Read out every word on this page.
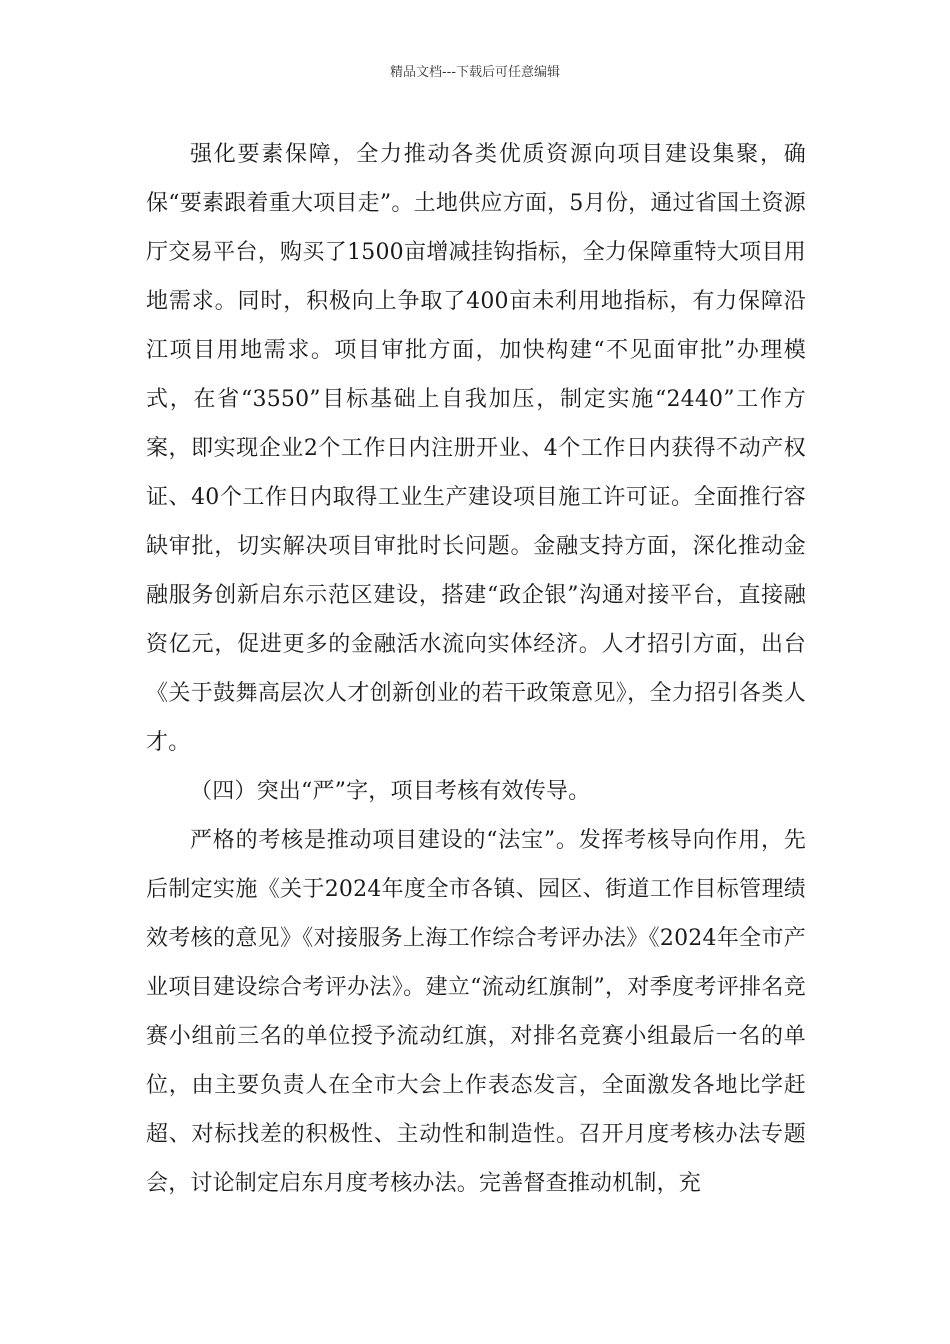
精品文档---下载后可任意编辑

强化要素保障，全力推动各类优质资源向项目建设集聚，确保“要素跟着重大项目走”。土地供应方面，5月份，通过省国土资源厅交易平台，购买了1500亩增减挂钩指标，全力保障重特大项目用地需求。同时，积极向上争取了400亩未利用地指标，有力保障沿江项目用地需求。项目审批方面，加快构建“不见面审批”办理模式，在省“3550”目标基础上自我加压，制定实施“2440”工作方案，即实现企业2个工作日内注册开业、4个工作日内获得不动产权证、40个工作日内取得工业生产建设项目施工许可证。全面推行容缺审批，切实解决项目审批时长问题。金融支持方面，深化推动金融服务创新启东示范区建设，搭建“政企银”沟通对接平台，直接融资亿元，促进更多的金融活水流向实体经济。人才招引方面，出台《关于鼓舞高层次人才创新创业的若干政策意见》，全力招引各类人才。

（四）突出“严”字，项目考核有效传导。

严格的考核是推动项目建设的“法宝”。发挥考核导向作用，先后制定实施《关于2024年度全市各镇、园区、街道工作目标管理绩效考核的意见》《对接服务上海工作综合考评办法》《2024年全市产业项目建设综合考评办法》。建立“流动红旗制”，对季度考评排名竞赛小组前三名的单位授予流动红旗，对排名竞赛小组最后一名的单位，由主要负责人在全市大会上作表态发言，全面激发各地比学赶超、对标找差的积极性、主动性和制造性。召开月度考核办法专题会，讨论制定启东月度考核办法。完善督查推动机制，充
